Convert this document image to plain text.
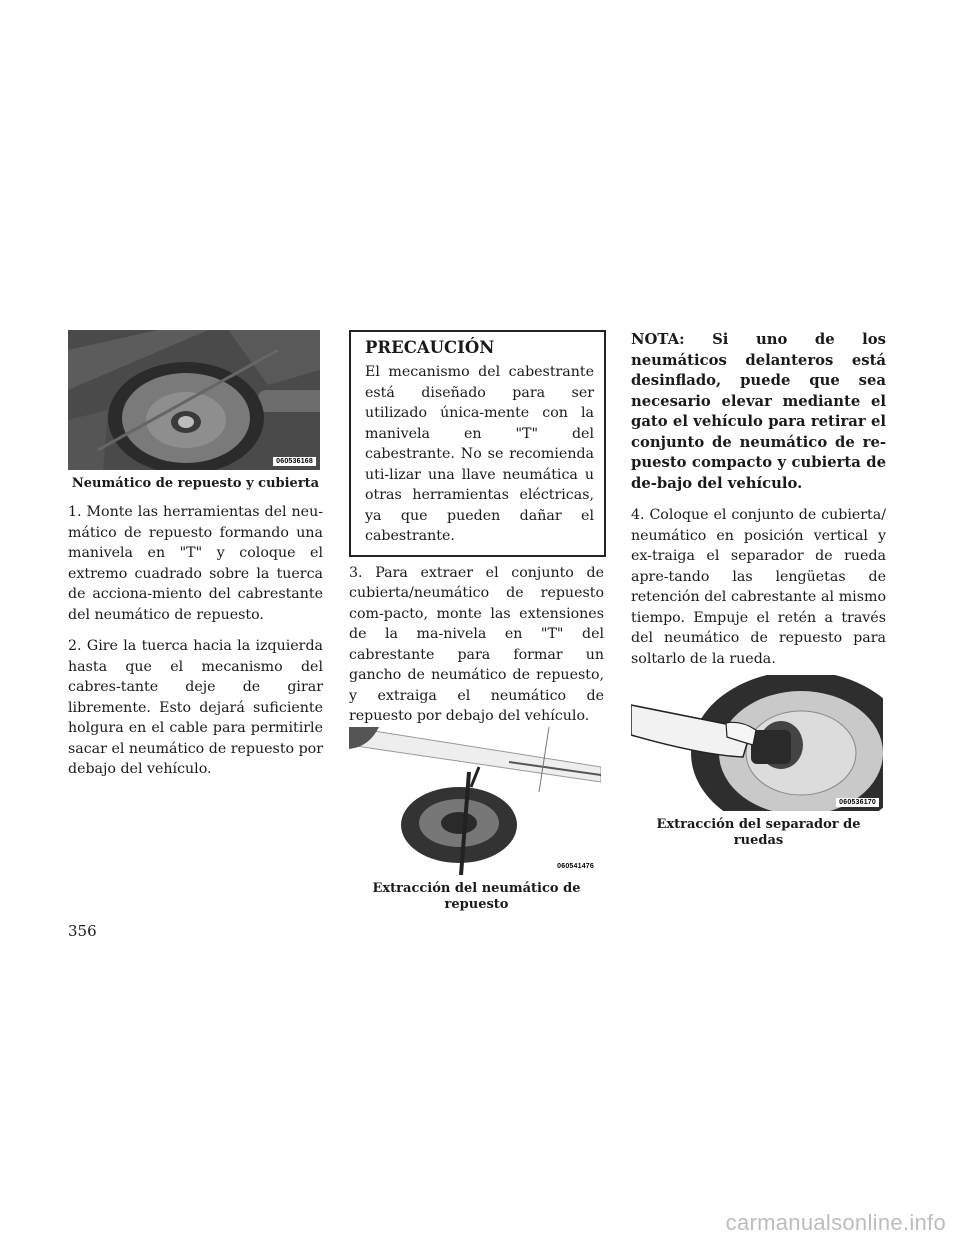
060536168
Neumático de repuesto y cubierta

1. Monte las herramientas del neu-mático de repuesto formando una manivela en "T" y coloque el extremo cuadrado sobre la tuerca de acciona-miento del cabrestante del neumático de repuesto.

2. Gire la tuerca hacia la izquierda hasta que el mecanismo del cabres-tante deje de girar libremente. Esto dejará suficiente holgura en el cable para permitirle sacar el neumático de repuesto por debajo del vehículo.

PRECAUCIÓN

El mecanismo del cabestrante está diseñado para ser utilizado única-mente con la manivela en "T" del cabestrante. No se recomienda uti-lizar una llave neumática u otras herramientas eléctricas, ya que pueden dañar el cabestrante.

3. Para extraer el conjunto de cubierta/neumático de repuesto com-pacto, monte las extensiones de la ma-nivela en "T" del cabrestante para formar un gancho de neumático de repuesto, y extraiga el neumático de repuesto por debajo del vehículo.

060541476
Extracción del neumático de repuesto

NOTA: Si uno de los neumáticos delanteros está desinflado, puede que sea necesario elevar mediante el gato el vehículo para retirar el conjunto de neumático de re-puesto compacto y cubierta de de-bajo del vehículo.

4. Coloque el conjunto de cubierta/ neumático en posición vertical y ex-traiga el separador de rueda apre-tando las lengüetas de retención del cabrestante al mismo tiempo. Empuje el retén a través del neumático de repuesto para soltarlo de la rueda.

060536170
Extracción del separador de ruedas
356
carmanualsonline.info
